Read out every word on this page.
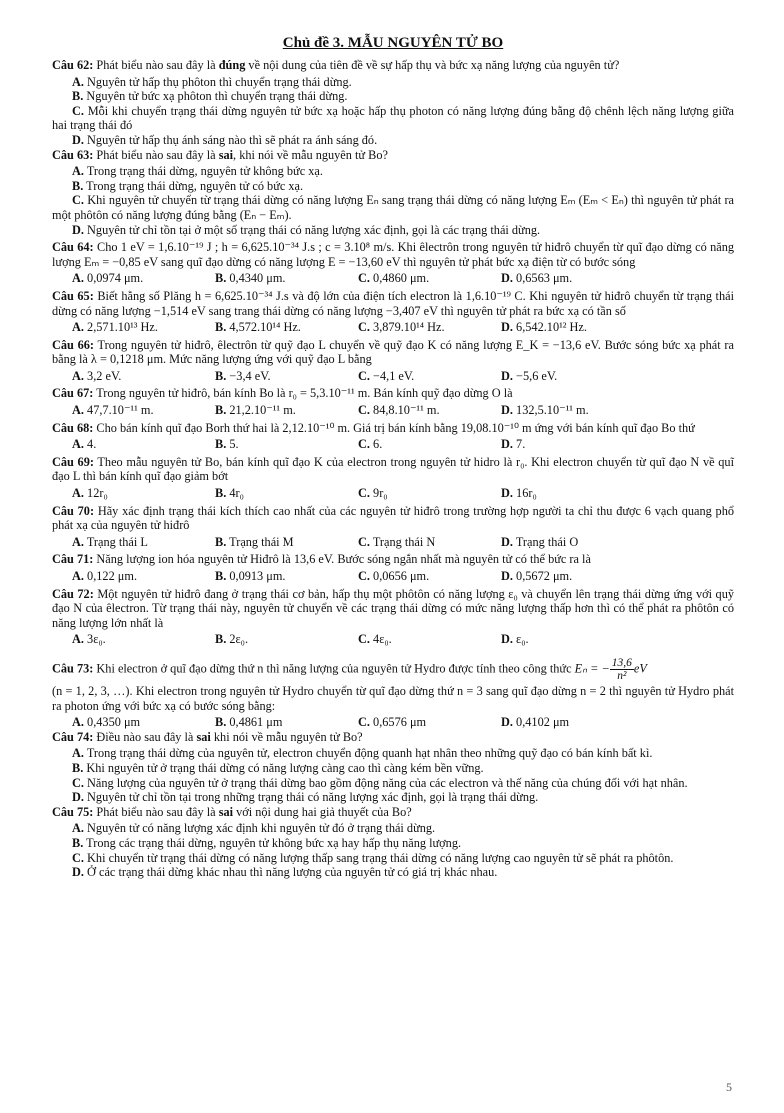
Chủ đề 3. MẪU NGUYÊN TỬ BO

Câu 62: Phát biểu nào sau đây là đúng về nội dung của tiên đề về sự hấp thụ và bức xạ năng lượng của nguyên tử?

A. Nguyên tử hấp thụ phôton thì chuyển trạng thái dừng.

B. Nguyên tử bức xạ phôton thì chuyển trạng thái dừng.

C. Mỗi khi chuyển trạng thái dừng nguyên tử bức xạ hoặc hấp thụ photon có năng lượng đúng bằng độ chênh lệch năng lượng giữa hai trạng thái đó

D. Nguyên tử hấp thụ ánh sáng nào thì sẽ phát ra ánh sáng đó.

Câu 63: Phát biểu nào sau đây là sai, khi nói về mẫu nguyên tử Bo?

A. Trong trạng thái dừng, nguyên tử không bức xạ.

B. Trong trạng thái dừng, nguyên tử có bức xạ.

C. Khi nguyên tử chuyển từ trạng thái dừng có năng lượng Eₙ sang trạng thái dừng có năng lượng Eₘ (Eₘ < Eₙ) thì nguyên tử phát ra một phôtôn có năng lượng đúng bằng (Eₙ − Eₘ).

D. Nguyên tử chỉ tồn tại ở một số trạng thái có năng lượng xác định, gọi là các trạng thái dừng.

Câu 64: Cho 1 eV = 1,6.10⁻¹⁹ J ; h = 6,625.10⁻³⁴ J.s ; c = 3.10⁸ m/s. Khi êlectrôn trong nguyên tử hiđrô chuyển từ quĩ đạo dừng có năng lượng Eₘ = −0,85 eV sang quĩ đạo dừng có năng lượng E = −13,60 eV thì nguyên tử phát bức xạ điện từ có bước sóng

A. 0,0974 μm.	B. 0,4340 μm.	C. 0,4860 μm.	D. 0,6563 μm.

Câu 65: Biết hằng số Plăng h = 6,625.10⁻³⁴ J.s và độ lớn của điện tích electron là 1,6.10⁻¹⁹ C. Khi nguyên tử hiđrô chuyển từ trạng thái dừng có năng lượng −1,514 eV sang trang thái dừng có năng lượng −3,407 eV thì nguyên tử phát ra bức xạ có tần số

A. 2,571.10¹³ Hz.	B. 4,572.10¹⁴ Hz.	C. 3,879.10¹⁴ Hz.	D. 6,542.10¹² Hz.

Câu 66: Trong nguyên tử hiđrô, êlectrôn từ quỹ đạo L chuyển về quỹ đạo K có năng lượng E_K = −13,6 eV. Bước sóng bức xạ phát ra bằng là λ = 0,1218 μm. Mức năng lượng ứng với quỹ đạo L bằng

A. 3,2 eV.	B. −3,4 eV.	C. −4,1 eV.	D. −5,6 eV.

Câu 67: Trong nguyên tử hiđrô, bán kính Bo là r₀ = 5,3.10⁻¹¹ m. Bán kính quỹ đạo dừng O là

A. 47,7.10⁻¹¹ m.	B. 21,2.10⁻¹¹ m.	C. 84,8.10⁻¹¹ m.	D. 132,5.10⁻¹¹ m.

Câu 68: Cho bán kính quĩ đạo Borh thứ hai là 2,12.10⁻¹⁰ m. Giá trị bán kính bằng 19,08.10⁻¹⁰ m ứng với bán kính quĩ đạo Bo thứ

A. 4.	B. 5.	C. 6.	D. 7.

Câu 69: Theo mẫu nguyên tử Bo, bán kính quĩ đạo K của electron trong nguyên tử hidro là r₀. Khi electron chuyển từ quĩ đạo N về quĩ đạo L thì bán kính quĩ đạo giảm bớt

A. 12r₀	B. 4r₀	C. 9r₀	D. 16r₀

Câu 70: Hãy xác định trạng thái kích thích cao nhất của các nguyên tử hiđrô trong trường hợp người ta chỉ thu được 6 vạch quang phổ phát xạ của nguyên tử hiđrô

A. Trạng thái L	B. Trạng thái M	C. Trạng thái N	D. Trạng thái O

Câu 71: Năng lượng ion hóa nguyên tử Hiđrô là 13,6 eV. Bước sóng ngắn nhất mà nguyên tử có thể bức ra là

A. 0,122 μm.	B. 0,0913 μm.	C. 0,0656 μm.	D. 0,5672 μm.

Câu 72: Một nguyên tử hiđrô đang ở trạng thái cơ bản, hấp thụ một phôtôn có năng lượng ε₀ và chuyển lên trạng thái dừng ứng với quỹ đạo N của êlectron. Từ trạng thái này, nguyên tử chuyển về các trạng thái dừng có mức năng lượng thấp hơn thì có thể phát ra phôtôn có năng lượng lớn nhất là

A. 3ε₀.	B. 2ε₀.	C. 4ε₀.	D. ε₀.

Câu 73: Khi electron ở quĩ đạo dừng thứ n thì năng lượng của nguyên tử Hydro được tính theo công thức Eₙ = − $\frac{13,6}{\text{n²}}$ eV

(n = 1, 2, 3, …). Khi electron trong nguyên tử Hydro chuyển từ quĩ đạo dừng thứ n = 3 sang quĩ đạo dừng n = 2 thì nguyên tử Hydro phát ra photon ứng với bức xạ có bước sóng bằng:

A. 0,4350 μm	B. 0,4861 μm	C. 0,6576 μm	D. 0,4102 μm

Câu 74: Điều nào sau đây là sai khi nói về mẫu nguyên tử Bo?

A. Trong trạng thái dừng của nguyên tử, electron chuyển động quanh hạt nhân theo những quỹ đạo có bán kính bất kì.

B. Khi nguyên tử ở trạng thái dừng có năng lượng càng cao thì càng kém bền vững.

C. Năng lượng của nguyên tử ở trạng thái dừng bao gồm động năng của các electron và thế năng của chúng đối với hạt nhân.

D. Nguyên tử chỉ tồn tại trong những trạng thái có năng lượng xác định, gọi là trạng thái dừng.

Câu 75: Phát biểu nào sau đây là sai với nội dung hai giả thuyết của Bo?

A. Nguyên tử có năng lượng xác định khi nguyên tử đó ở trạng thái dừng.

B. Trong các trạng thái dừng, nguyên tử không bức xạ hay hấp thụ năng lượng.

C. Khi chuyển từ trạng thái dừng có năng lượng thấp sang trạng thái dừng có năng lượng cao nguyên tử sẽ phát ra phôtôn.

D. Ở các trạng thái dừng khác nhau thì năng lượng của nguyên tử có giá trị khác nhau.

5
